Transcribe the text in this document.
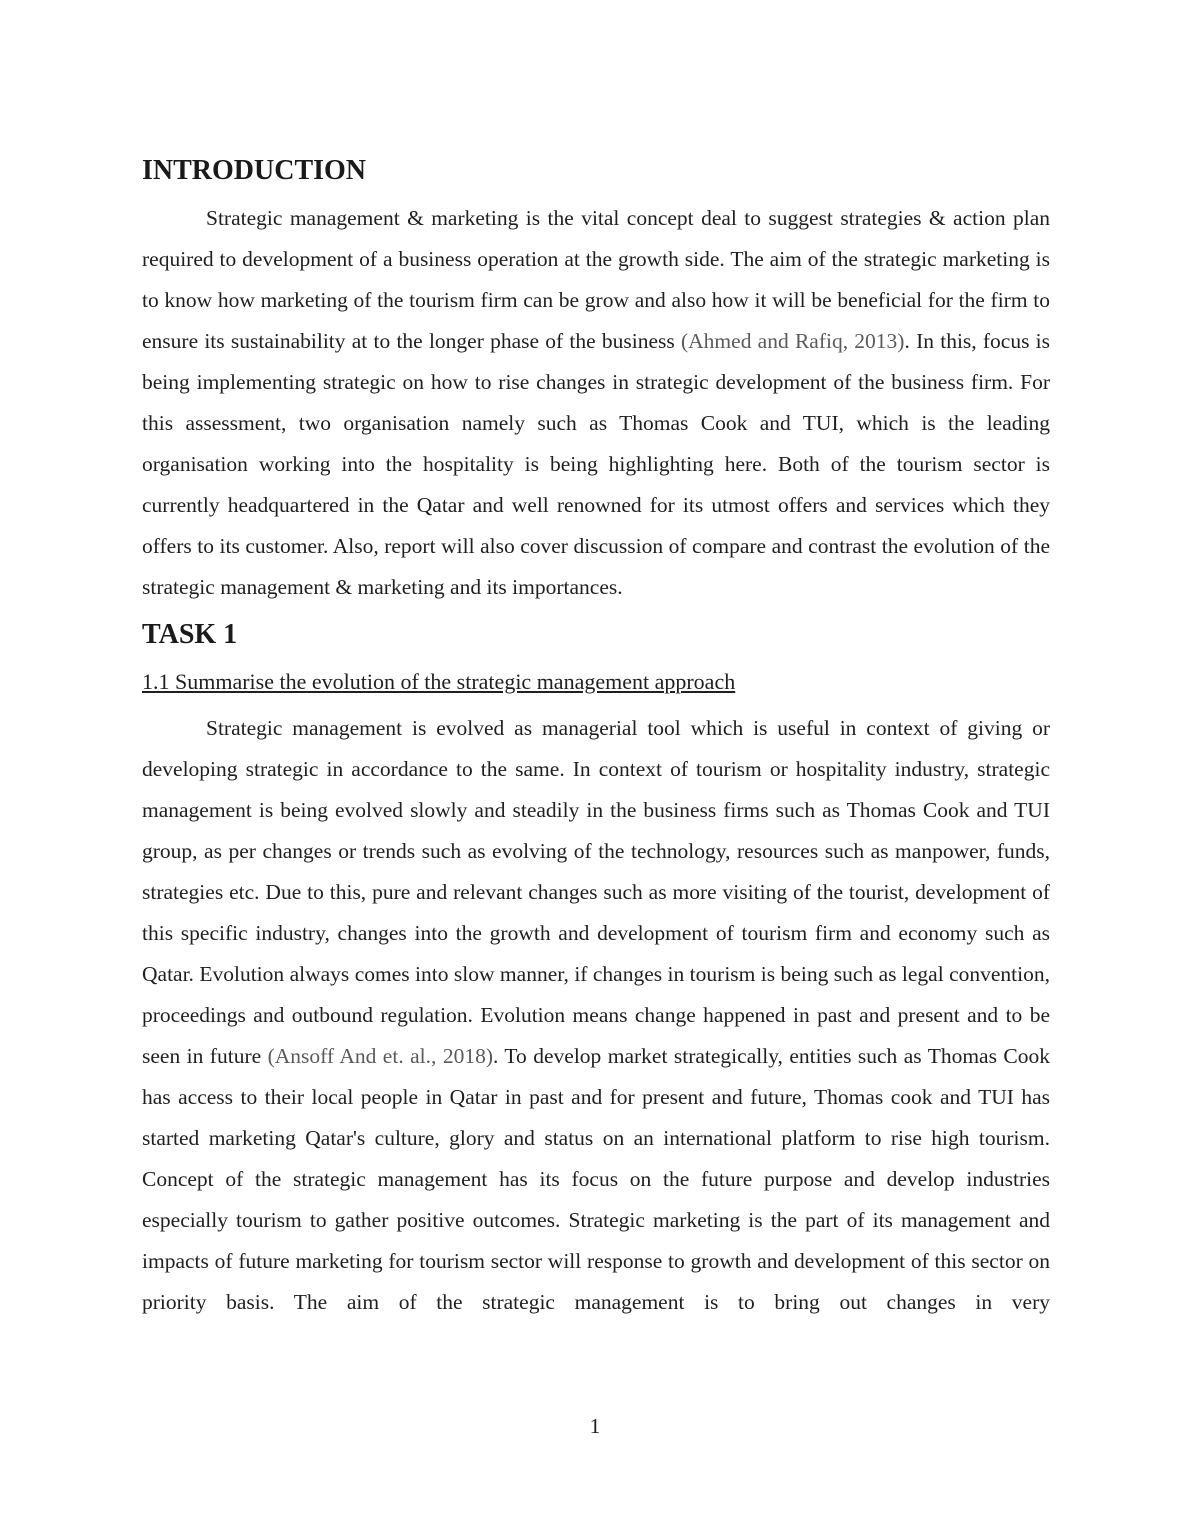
INTRODUCTION

Strategic management & marketing is the vital concept deal to suggest strategies & action plan required to development of a business operation at the growth side. The aim of the strategic marketing is to know how marketing of the tourism firm can be grow and also how it will be beneficial for the firm to ensure its sustainability at to the longer phase of the business (Ahmed and Rafiq, 2013). In this, focus is being implementing strategic on how to rise changes in strategic development of the business firm. For this assessment, two organisation namely such as Thomas Cook and TUI, which is the leading organisation working into the hospitality is being highlighting here. Both of the tourism sector is currently headquartered in the Qatar and well renowned for its utmost offers and services which they offers to its customer. Also, report will also cover discussion of compare and contrast the evolution of the strategic management & marketing and its importances.

TASK 1
1.1 Summarise the evolution of the strategic management approach

Strategic management is evolved as managerial tool which is useful in context of giving or developing strategic in accordance to the same. In context of tourism or hospitality industry, strategic management is being evolved slowly and steadily in the business firms such as Thomas Cook and TUI group, as per changes or trends such as evolving of the technology, resources such as manpower, funds, strategies etc. Due to this, pure and relevant changes such as more visiting of the tourist, development of this specific industry, changes into the growth and development of tourism firm and economy such as Qatar. Evolution always comes into slow manner, if changes in tourism is being such as legal convention, proceedings and outbound regulation. Evolution means change happened in past and present and to be seen in future (Ansoff And et. al., 2018). To develop market strategically, entities such as Thomas Cook has access to their local people in Qatar in past and for present and future, Thomas cook and TUI has started marketing Qatar's culture, glory and status on an international platform to rise high tourism. Concept of the strategic management has its focus on the future purpose and develop industries especially tourism to gather positive outcomes. Strategic marketing is the part of its management and impacts of future marketing for tourism sector will response to growth and development of this sector on priority basis. The aim of the strategic management is to bring out changes in very

1
